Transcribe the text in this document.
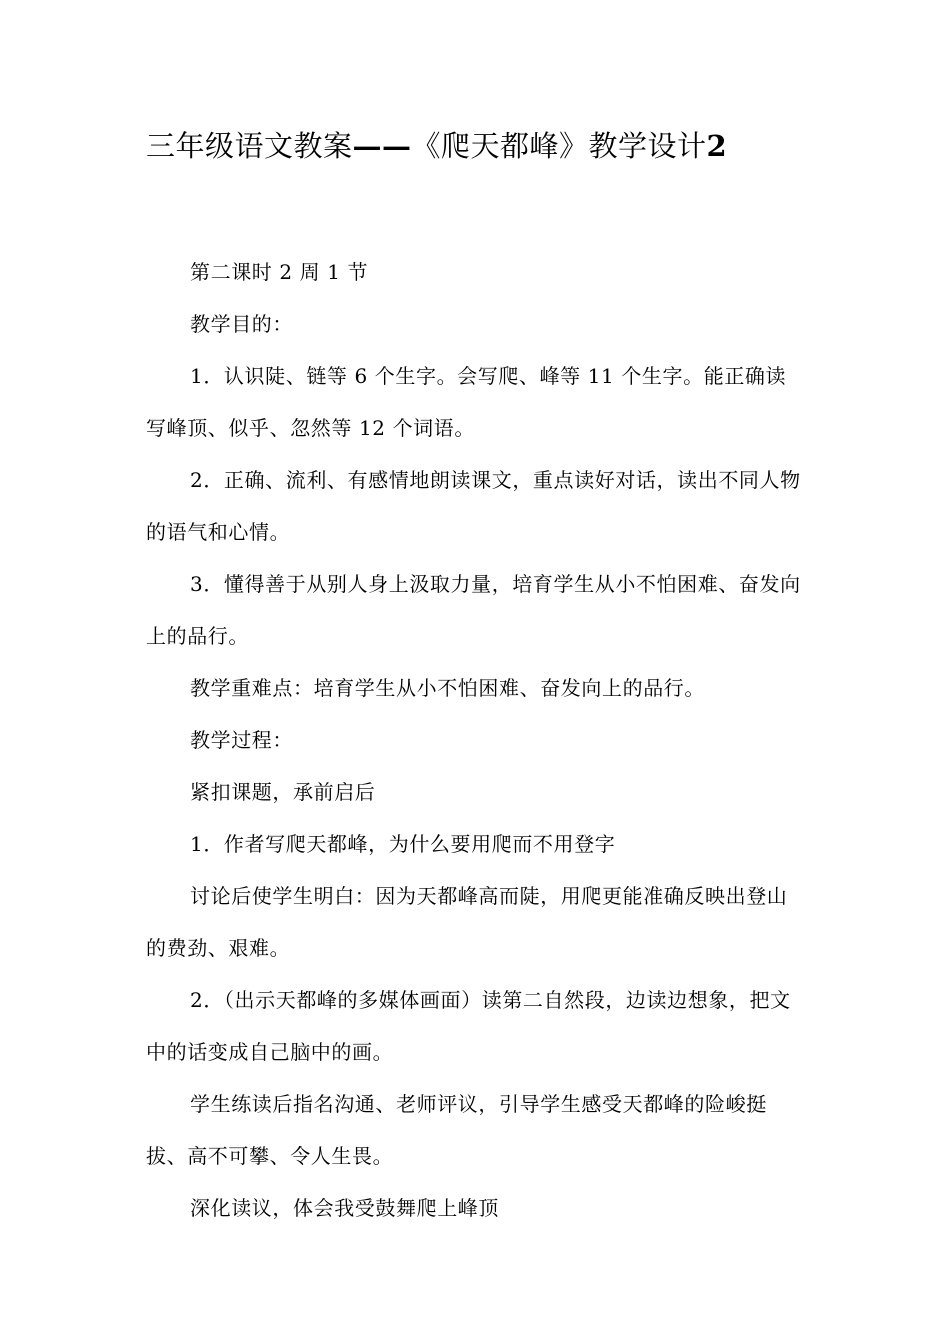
三年级语文教案——《爬天都峰》教学设计2

第二课时 2 周 1 节

教学目的：

1．认识陡、链等 6 个生字。会写爬、峰等 11 个生字。能正确读写峰顶、似乎、忽然等 12 个词语。

2．正确、流利、有感情地朗读课文，重点读好对话，读出不同人物的语气和心情。

3．懂得善于从别人身上汲取力量，培育学生从小不怕困难、奋发向上的品行。

教学重难点：培育学生从小不怕困难、奋发向上的品行。

教学过程：

紧扣课题，承前启后

1．作者写爬天都峰，为什么要用爬而不用登字

讨论后使学生明白：因为天都峰高而陡，用爬更能准确反映出登山的费劲、艰难。

2．（出示天都峰的多媒体画面）读第二自然段，边读边想象，把文中的话变成自己脑中的画。

学生练读后指名沟通、老师评议，引导学生感受天都峰的险峻挺拔、高不可攀、令人生畏。

深化读议，体会我受鼓舞爬上峰顶
